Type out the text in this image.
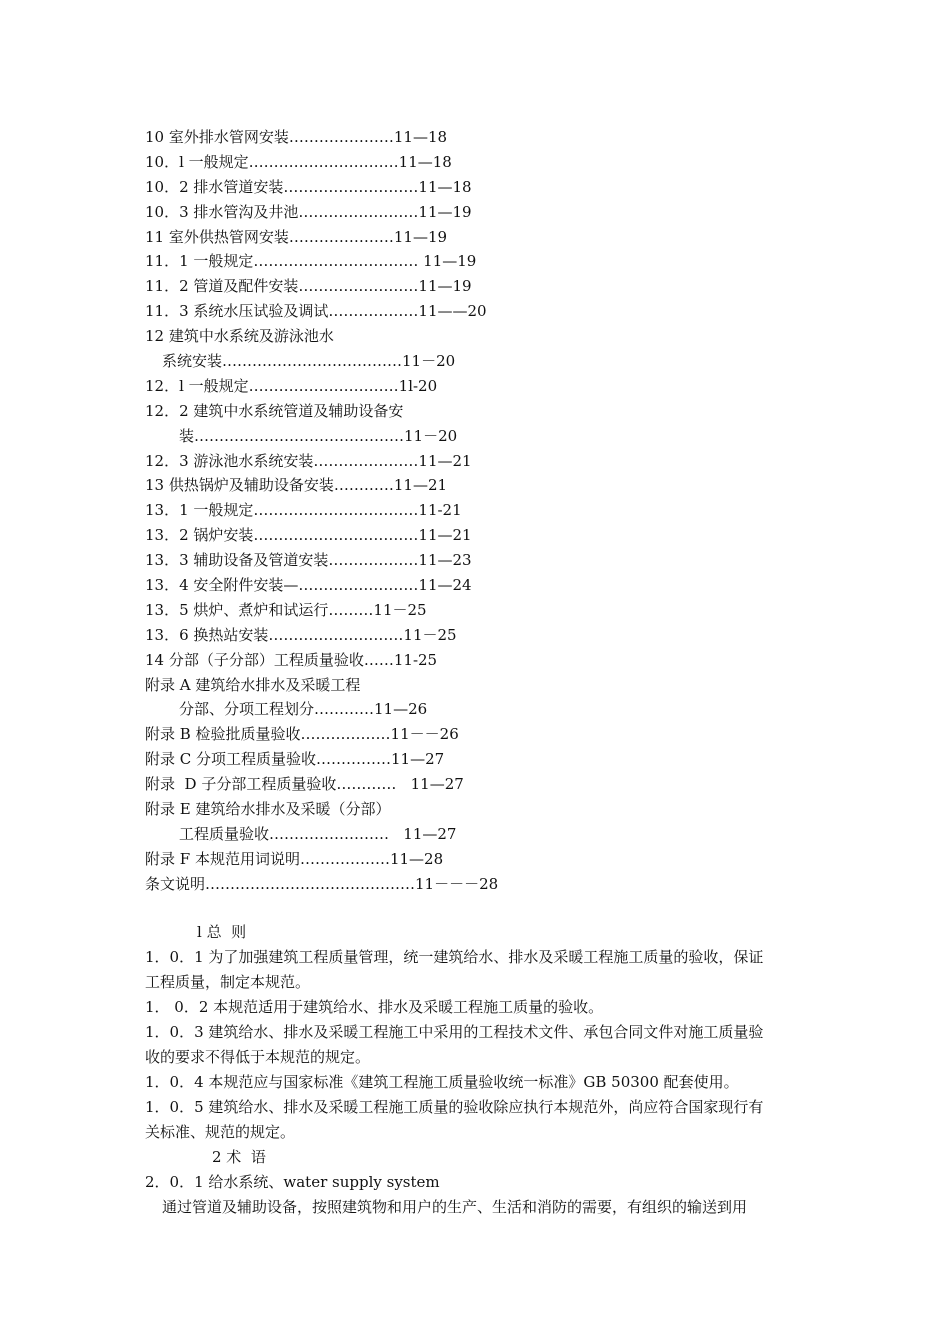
10 室外排水管网安装…………………11—18
10．l 一般规定…………………………11—18
10．2 排水管道安装………………………11—18
10．3 排水管沟及井池……………………11—19
11 室外供热管网安装…………………11—19
11．1 一般规定…………………………… 11—19
11．2 管道及配件安装……………………11—19
11．3 系统水压试验及调试………………11——20
12 建筑中水系统及游泳池水
系统安装………………………………11－20
12．l 一般规定…………………………1l-20
12．2 建筑中水系统管道及辅助设备安
装……………………………………11－20
12．3 游泳池水系统安装…………………11—21
13 供热锅炉及辅助设备安装…………11—21
13．1 一般规定……………………………11-21
13．2 锅炉安装……………………………11—21
13．3 辅助设备及管道安装………………11—23
13．4 安全附件安装—……………………11—24
13．5 烘炉、煮炉和试运行………11－25
13．6 换热站安装………………………11－25
14 分部（子分部）工程质量验收……11-25
附录 A 建筑给水排水及采暖工程
分部、分项工程划分…………11—26
附录 B 检验批质量验收………………11－－26
附录 C 分项工程质量验收……………11—27
附录  D 子分部工程质量验收…………   11—27
附录 E 建筑给水排水及采暖（分部）
工程质量验收……………………   11—27
附录 F 本规范用词说明………………11—28
条文说明……………………………………11－－－28
l 总  则
1．0．1 为了加强建筑工程质量管理，统一建筑给水、排水及采暖工程施工质量的验收，保证
工程质量，制定本规范。
1． 0．2 本规范适用于建筑给水、排水及采暖工程施工质量的验收。
1．0．3 建筑给水、排水及采暖工程施工中采用的工程技术文件、承包合同文件对施工质量验
收的要求不得低于本规范的规定。
1．0．4 本规范应与国家标准《建筑工程施工质量验收统一标准》GB 50300 配套使用。
1．0．5 建筑给水、排水及采暖工程施工质量的验收除应执行本规范外，尚应符合国家现行有
关标准、规范的规定。
2 术  语
2．0．1 给水系统、water supply system
通过管道及辅助设备，按照建筑物和用户的生产、生活和消防的需要，有组织的输送到用
